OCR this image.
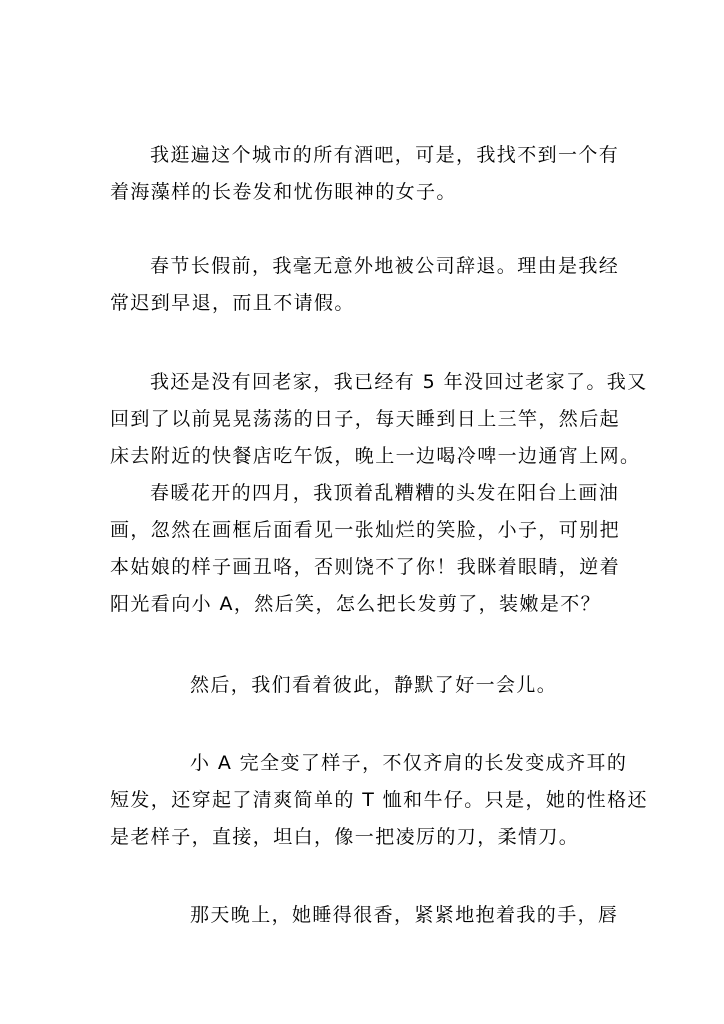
我逛遍这个城市的所有酒吧，可是，我找不到一个有
着海藻样的长卷发和忧伤眼神的女子。
春节长假前，我毫无意外地被公司辞退。理由是我经
常迟到早退，而且不请假。
我还是没有回老家，我已经有 5 年没回过老家了。我又
回到了以前晃晃荡荡的日子，每天睡到日上三竿，然后起
床去附近的快餐店吃午饭，晚上一边喝冷啤一边通宵上网。
春暖花开的四月，我顶着乱糟糟的头发在阳台上画油
画，忽然在画框后面看见一张灿烂的笑脸，小子，可别把
本姑娘的样子画丑咯，否则饶不了你！我眯着眼睛，逆着
阳光看向小 A，然后笑，怎么把长发剪了，装嫩是不？
然后，我们看着彼此，静默了好一会儿。
小 A 完全变了样子，不仅齐肩的长发变成齐耳的
短发，还穿起了清爽简单的 T 恤和牛仔。只是，她的性格还
是老样子，直接，坦白，像一把凌厉的刀，柔情刀。
那天晚上，她睡得很香，紧紧地抱着我的手，唇
